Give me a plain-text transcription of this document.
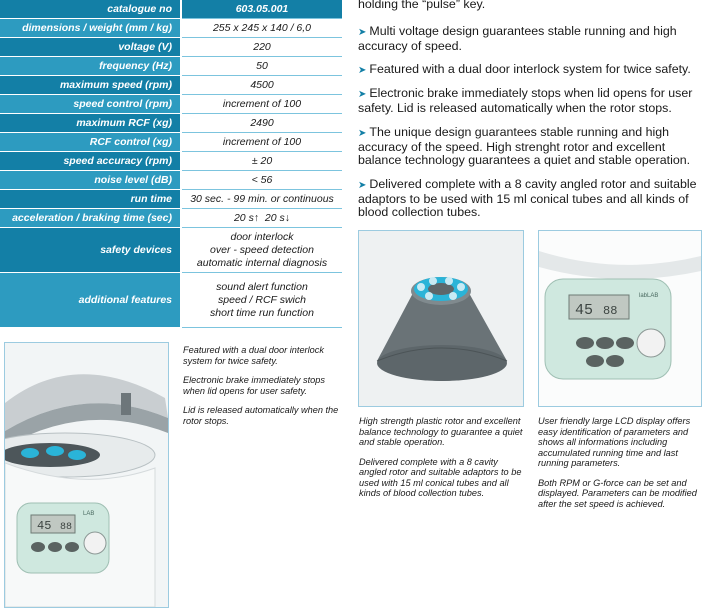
catalogue no	603.05.001
dimensions / weight (mm / kg)	255 x 245 x 140 / 6,0
voltage (V)	220
frequency (Hz)	50
maximum speed (rpm)	4500
speed control (rpm)	increment of 100
maximum RCF (xg)	2490
RCF control (xg)	increment of 100
speed accuracy (rpm)	± 20
noise level (dB)	< 56
run time	30 sec. - 99 min. or continuous
acceleration / braking time (sec)	20 s↑ 20 s↓
safety devices	door interlock
over - speed detection
automatic internal diagnosis

additional features	sound alert function
speed / RCF swich
short time run function
holding the “pulse” key.
➤ Multi voltage design guarantees stable running and high accuracy of speed.
➤ Featured with a dual door interlock system for twice safety.
➤ Electronic brake immediately stops when lid opens for user safety. Lid is released automatically when the rotor stops.
➤ The unique design guarantees stable running and high accuracy of the speed. High strenght rotor and excellent balance technology guarantees a quiet and stable operation.
➤ Delivered complete with a 8 cavity angled rotor and suitable adaptors to be used with 15 ml conical tubes and all kinds of blood collection tubes.
45 88
LAB

Featured with a dual door interlock system for twice safety.

Electronic brake immediately stops when lid opens for user safety.

Lid is released automatically when the rotor stops.	High strength plastic rotor and excellent balance technology to guarantee a quiet and stable operation.

Delivered complete with a 8 cavity angled rotor and suitable adaptors to be used with 15 ml conical tubes and all kinds of blood collection tubes.

45 88
labLAB

User friendly large LCD display offers easy identification of parameters and shows all informations including accumulated running time and last running parameters.

Both RPM or G-force can be set and displayed. Parameters can be modified after the set speed is achieved.
